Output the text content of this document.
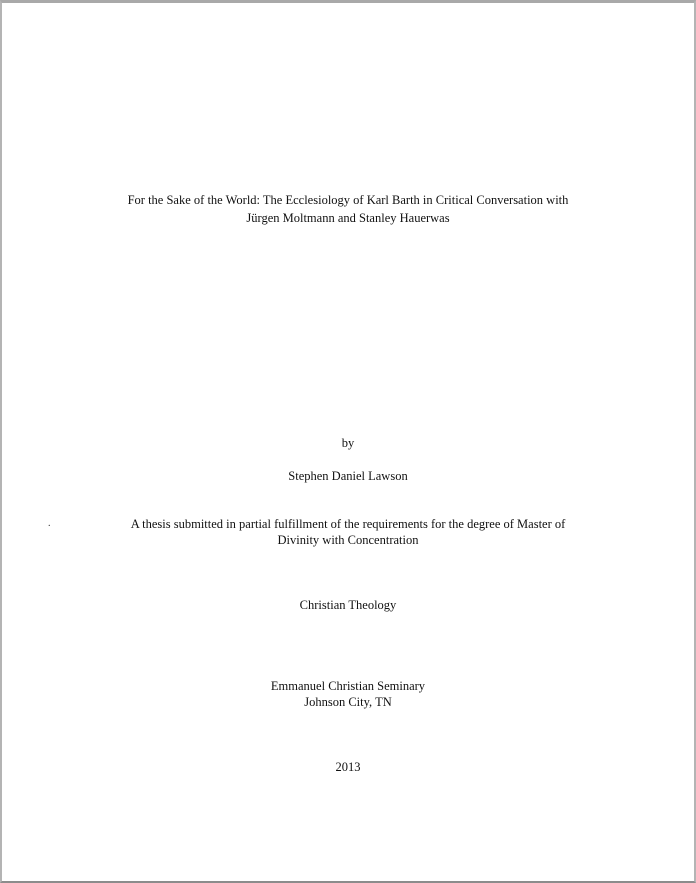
For the Sake of the World: The Ecclesiology of Karl Barth in Critical Conversation with
Jürgen Moltmann and Stanley Hauerwas
by
Stephen Daniel Lawson
.	A thesis submitted in partial fulfillment of the requirements for the degree of Master of
Divinity with Concentration
Christian Theology
Emmanuel Christian Seminary
Johnson City, TN
2013
